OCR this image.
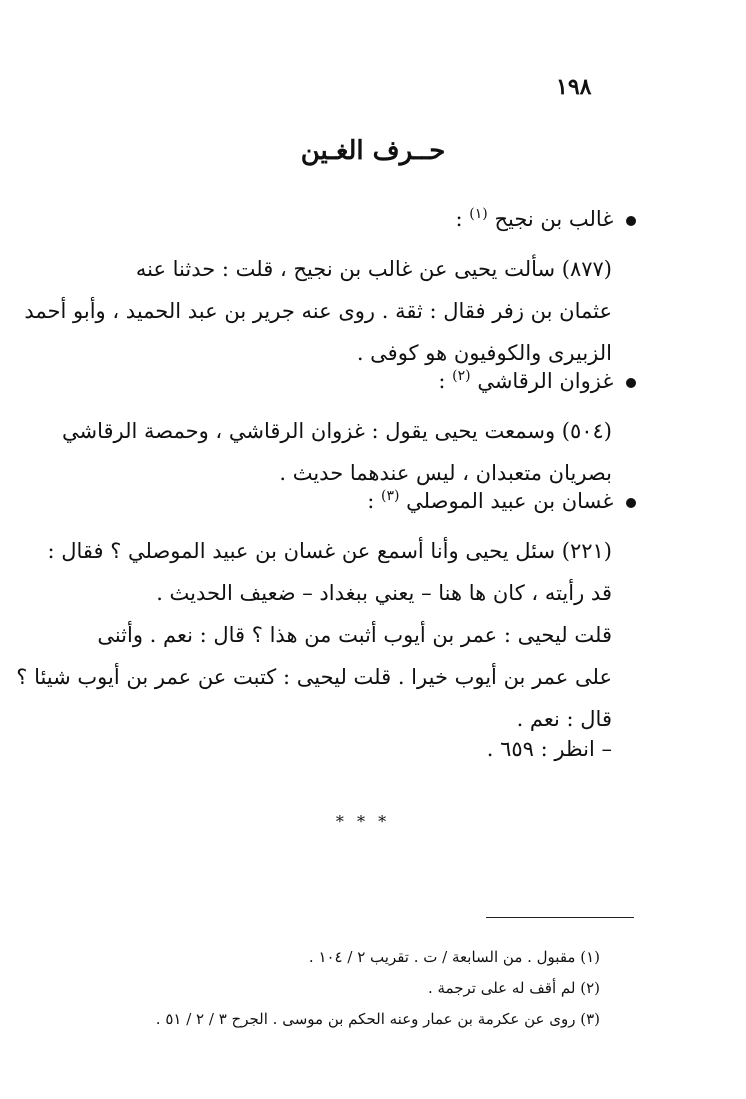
١٩٨
حــرف الغـين
غالب بن نجيح $^{(١)}$ :
(٨٧٧) سألت يحيى عن غالب بن نجيح ، قلت : حدثنا عنه
عثمان بن زفر فقال : ثقة . روى عنه جرير بن عبد الحميد ، وأبو أحمد
الزبيرى والكوفيون هو كوفى .
غزوان الرقاشي $^{(٢)}$ :
(٥٠٤) وسمعت يحيى يقول : غزوان الرقاشي ، وحمصة الرقاشي
بصريان متعبدان ، ليس عندهما حديث .
غسان بن عبيد الموصلي $^{(٣)}$ :
(٢٢١) سئل يحيى وأنا أسمع عن غسان بن عبيد الموصلي ؟ فقال :
قد رأيته ، كان ها هنا – يعني ببغداد – ضعيف الحديث .
قلت ليحيى : عمر بن أيوب أثبت من هذا ؟ قال : نعم . وأثنى
على عمر بن أيوب خيرا . قلت ليحيى : كتبت عن عمر بن أيوب شيئا ؟
قال : نعم .
– انظر : ٦٥٩ .
* * *
(١) مقبول . من السابعة / ت . تقريب ٢ / ١٠٤ .
(٢) لم أقف له على ترجمة .
(٣) روى عن عكرمة بن عمار وعنه الحكم بن موسى . الجرح ٣ / ٢ / ٥١ .
